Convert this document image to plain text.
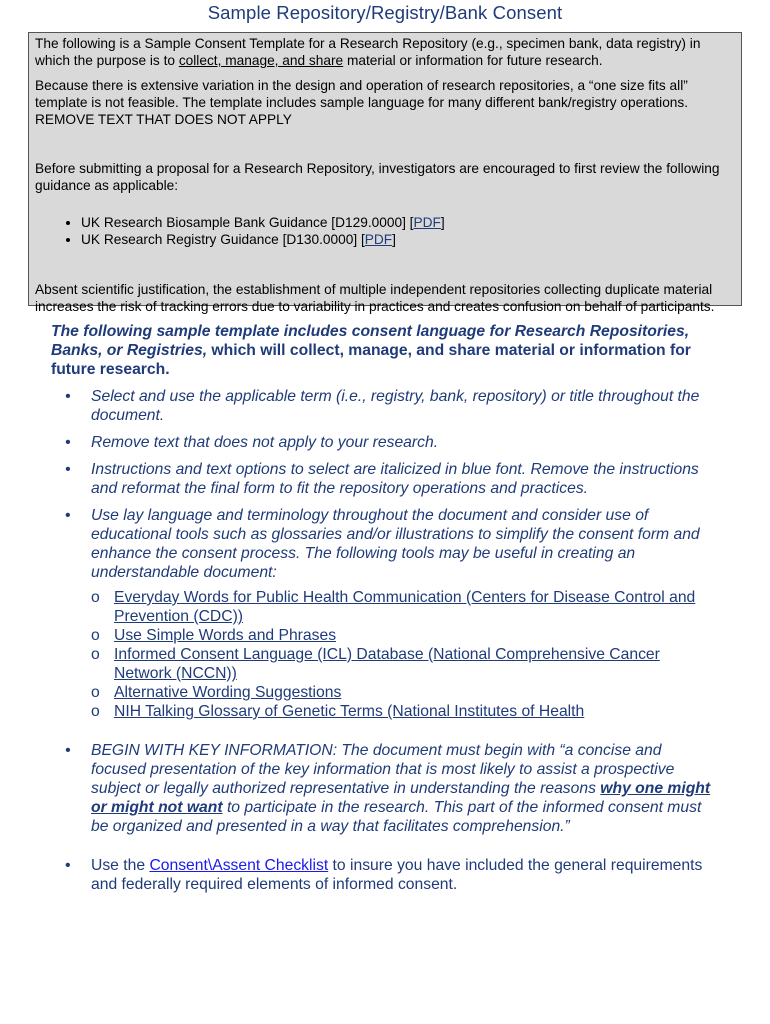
Sample Repository/Registry/Bank Consent

The following is a Sample Consent Template for a Research Repository (e.g., specimen bank, data registry) in which the purpose is to collect, manage, and share material or information for future research.

Because there is extensive variation in the design and operation of research repositories, a “one size fits all” template is not feasible. The template includes sample language for many different bank/registry operations.
REMOVE TEXT THAT DOES NOT APPLY

Before submitting a proposal for a Research Repository, investigators are encouraged to first review the following guidance as applicable:

• UK Research Biosample Bank Guidance [D129.0000] [PDF]
• UK Research Registry Guidance [D130.0000] [PDF]

Absent scientific justification, the establishment of multiple independent repositories collecting duplicate material increases the risk of tracking errors due to variability in practices and creates confusion on behalf of participants.

The following sample template includes consent language for Research Repositories, Banks, or Registries, which will collect, manage, and share material or information for future research.

• Select and use the applicable term (i.e., registry, bank, repository) or title throughout the document.
• Remove text that does not apply to your research.
• Instructions and text options to select are italicized in blue font. Remove the instructions and reformat the final form to fit the repository operations and practices.
• Use lay language and terminology throughout the document and consider use of educational tools such as glossaries and/or illustrations to simplify the consent form and enhance the consent process. The following tools may be useful in creating an understandable document:
o Everyday Words for Public Health Communication (Centers for Disease Control and Prevention (CDC))
o Use Simple Words and Phrases
o Informed Consent Language (ICL) Database (National Comprehensive Cancer Network (NCCN))
o Alternative Wording Suggestions
o NIH Talking Glossary of Genetic Terms (National Institutes of Health
• BEGIN WITH KEY INFORMATION: The document must begin with “a concise and focused presentation of the key information that is most likely to assist a prospective subject or legally authorized representative in understanding the reasons why one might or might not want to participate in the research. This part of the informed consent must be organized and presented in a way that facilitates comprehension.”
• Use the Consent\Assent Checklist to insure you have included the general requirements and federally required elements of informed consent.
